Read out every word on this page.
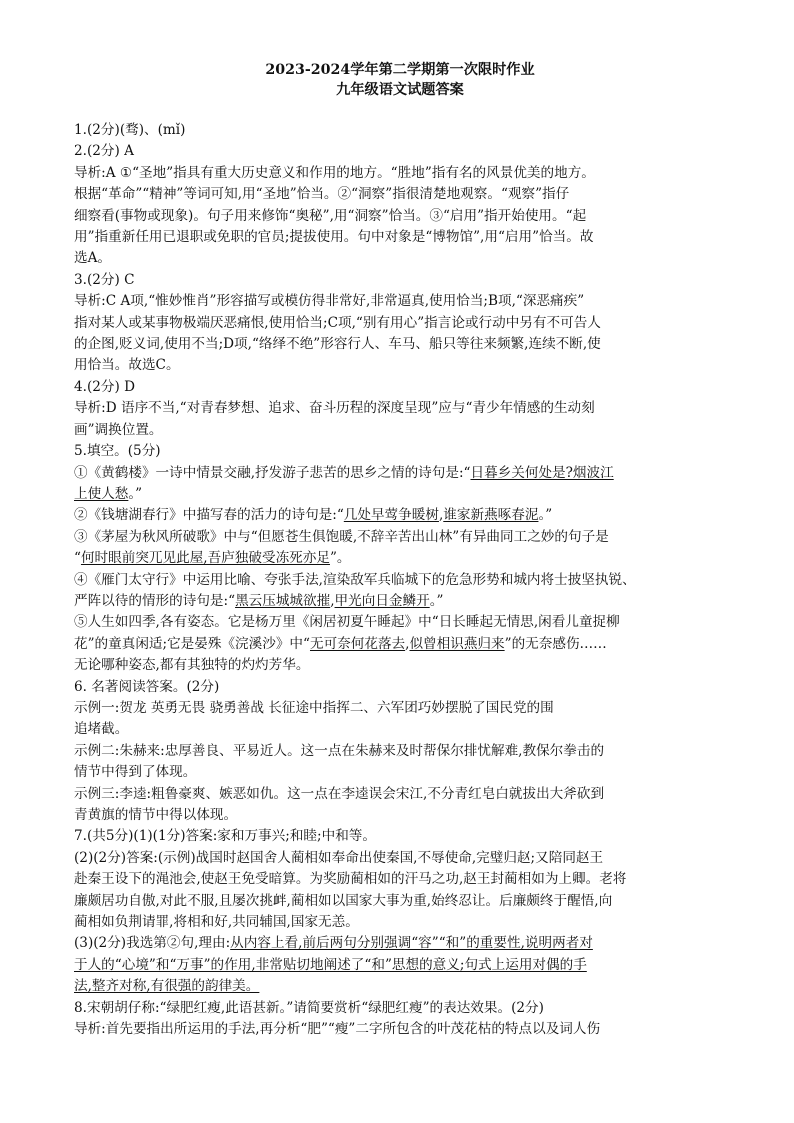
2023-2024学年第二学期第一次限时作业
九年级语文试题答案
1.(2分)(骛)、(mǐ)
2.(2分) A
导析:A ①“圣地”指具有重大历史意义和作用的地方。“胜地”指有名的风景优美的地方。
根据“革命”“精神”等词可知,用“圣地”恰当。②“洞察”指很清楚地观察。“观察”指仔
细察看(事物或现象)。句子用来修饰“奥秘”,用“洞察”恰当。③“启用”指开始使用。“起
用”指重新任用已退职或免职的官员;提拔使用。句中对象是“博物馆”,用“启用”恰当。故
选A。
3.(2分) C
导析:C A项,“惟妙惟肖”形容描写或模仿得非常好,非常逼真,使用恰当;B项,“深恶痛疾”
指对某人或某事物极端厌恶痛恨,使用恰当;C项,“别有用心”指言论或行动中另有不可告人
的企图,贬义词,使用不当;D项,“络绎不绝”形容行人、车马、船只等往来频繁,连续不断,使
用恰当。故选C。
4.(2分) D
导析:D 语序不当,“对青春梦想、追求、奋斗历程的深度呈现”应与“青少年情感的生动刻
画”调换位置。
5.填空。(5分)
①《黄鹤楼》一诗中情景交融,抒发游子悲苦的思乡之情的诗句是:“日暮乡关何处是?烟波江
上使人愁。”
②《钱塘湖春行》中描写春的活力的诗句是:“几处早莺争暖树,谁家新燕啄春泥。”
③《茅屋为秋风所破歌》中与“但愿苍生俱饱暖,不辞辛苦出山林”有异曲同工之妙的句子是
“何时眼前突兀见此屋,吾庐独破受冻死亦足”。
④《雁门太守行》中运用比喻、夸张手法,渲染敌军兵临城下的危急形势和城内将士披坚执锐、
严阵以待的情形的诗句是:“黑云压城城欲摧,甲光向日金鳞开。”
⑤人生如四季,各有姿态。它是杨万里《闲居初夏午睡起》中“日长睡起无情思,闲看儿童捉柳
花”的童真闲适;它是晏殊《浣溪沙》中“无可奈何花落去,似曾相识燕归来”的无奈感伤……
无论哪种姿态,都有其独特的灼灼芳华。
6. 名著阅读答案。(2分)
示例一:贺龙 英勇无畏 骁勇善战 长征途中指挥二、六军团巧妙摆脱了国民党的围
追堵截。
示例二:朱赫来:忠厚善良、平易近人。这一点在朱赫来及时帮保尔排忧解难,教保尔拳击的
情节中得到了体现。
示例三:李逵:粗鲁豪爽、嫉恶如仇。这一点在李逵误会宋江,不分青红皂白就拔出大斧砍到
青黄旗的情节中得以体现。
7.(共5分)(1)(1分)答案:家和万事兴;和睦;中和等。
(2)(2分)答案:(示例)战国时赵国舍人蔺相如奉命出使秦国,不辱使命,完璧归赵;又陪同赵王
赴秦王设下的渑池会,使赵王免受暗算。为奖励蔺相如的汗马之功,赵王封蔺相如为上卿。老将
廉颇居功自傲,对此不服,且屡次挑衅,蔺相如以国家大事为重,始终忍让。后廉颇终于醒悟,向
蔺相如负荆请罪,将相和好,共同辅国,国家无恙。
(3)(2分)我选第②句,理由:从内容上看,前后两句分别强调“容”“和”的重要性,说明两者对
于人的“心境”和“万事”的作用,非常贴切地阐述了“和”思想的意义;句式上运用对偶的手
法,整齐对称,有很强的韵律美。
8.宋朝胡仔称:“绿肥红瘦,此语甚新。”请简要赏析“绿肥红瘦”的表达效果。(2分)
导析:首先要指出所运用的手法,再分析“肥”“瘦”二字所包含的叶茂花枯的特点以及词人伤
